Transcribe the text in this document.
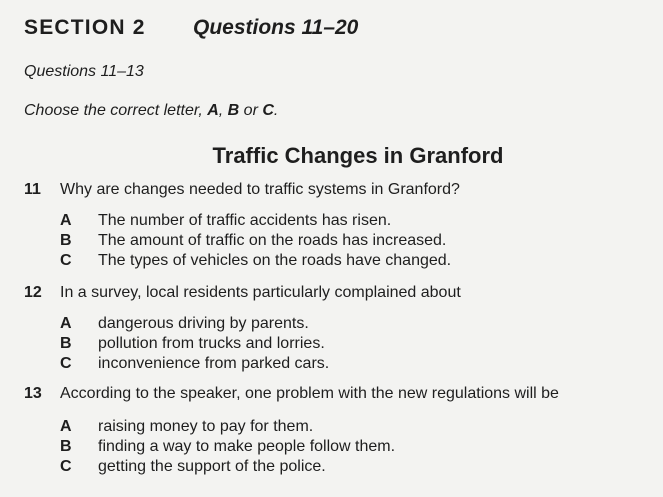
SECTION 2 Questions 11–20
Questions 11–13
Choose the correct letter, A, B or C.
Traffic Changes in Granford
11 Why are changes needed to traffic systems in Granford?
A The number of traffic accidents has risen.
B The amount of traffic on the roads has increased.
C The types of vehicles on the roads have changed.
12 In a survey, local residents particularly complained about
A dangerous driving by parents.
B pollution from trucks and lorries.
C inconvenience from parked cars.
13 According to the speaker, one problem with the new regulations will be
A raising money to pay for them.
B finding a way to make people follow them.
C getting the support of the police.
